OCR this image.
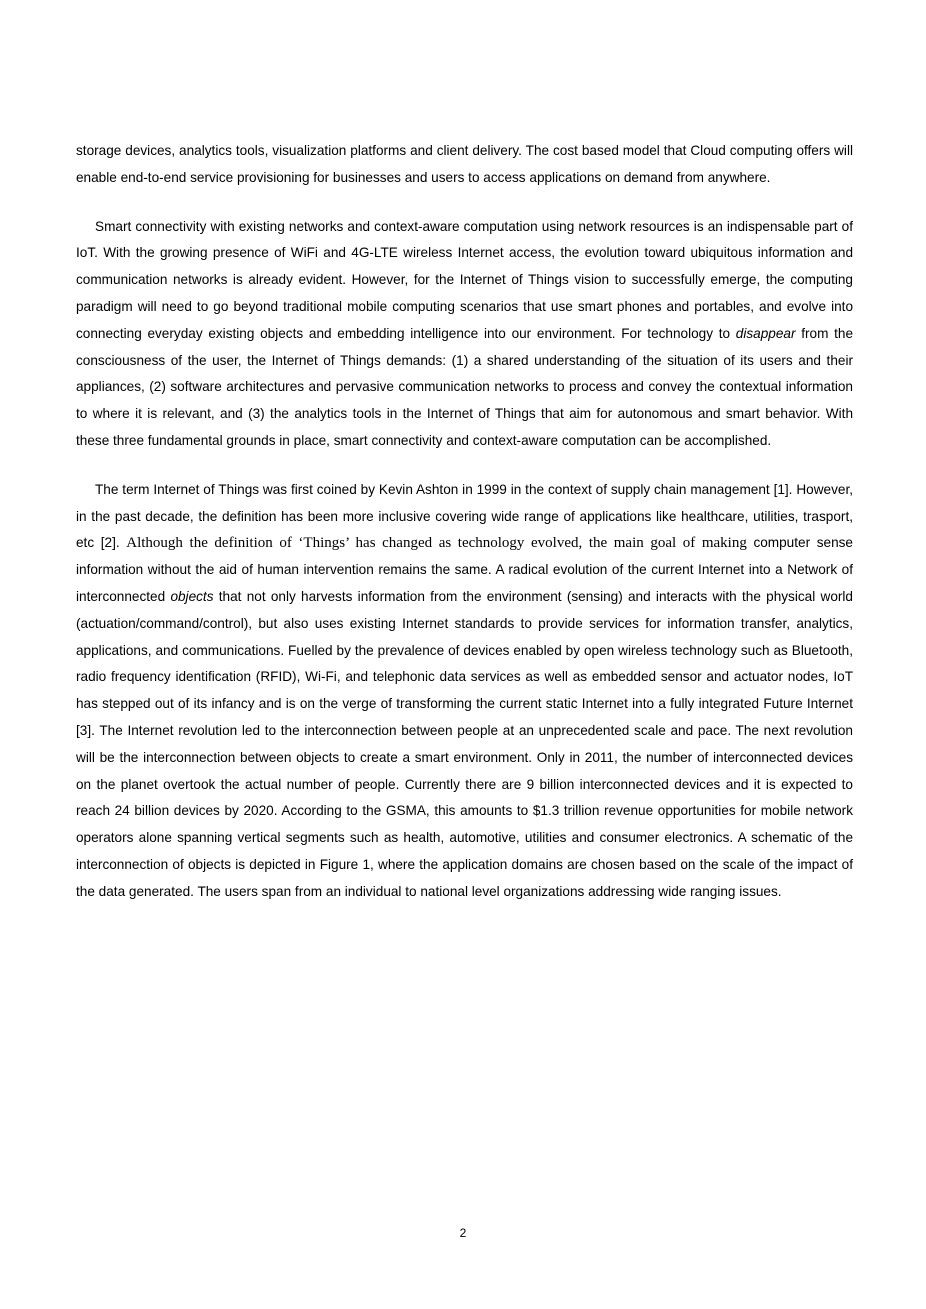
storage devices, analytics tools, visualization platforms and client delivery. The cost based model that Cloud computing offers will enable end-to-end service provisioning for businesses and users to access applications on demand from anywhere.

Smart connectivity with existing networks and context-aware computation using network resources is an indispensable part of IoT. With the growing presence of WiFi and 4G-LTE wireless Internet access, the evolution toward ubiquitous information and communication networks is already evident. However, for the Internet of Things vision to successfully emerge, the computing paradigm will need to go beyond traditional mobile computing scenarios that use smart phones and portables, and evolve into connecting everyday existing objects and embedding intelligence into our environment. For technology to disappear from the consciousness of the user, the Internet of Things demands: (1) a shared understanding of the situation of its users and their appliances, (2) software architectures and pervasive communication networks to process and convey the contextual information to where it is relevant, and (3) the analytics tools in the Internet of Things that aim for autonomous and smart behavior. With these three fundamental grounds in place, smart connectivity and context-aware computation can be accomplished.

The term Internet of Things was first coined by Kevin Ashton in 1999 in the context of supply chain management [1]. However, in the past decade, the definition has been more inclusive covering wide range of applications like healthcare, utilities, trasport, etc [2]. Although the definition of ‘Things’ has changed as technology evolved, the main goal of making computer sense information without the aid of human intervention remains the same. A radical evolution of the current Internet into a Network of interconnected objects that not only harvests information from the environment (sensing) and interacts with the physical world (actuation/command/control), but also uses existing Internet standards to provide services for information transfer, analytics, applications, and communications. Fuelled by the prevalence of devices enabled by open wireless technology such as Bluetooth, radio frequency identification (RFID), Wi-Fi, and telephonic data services as well as embedded sensor and actuator nodes, IoT has stepped out of its infancy and is on the verge of transforming the current static Internet into a fully integrated Future Internet [3]. The Internet revolution led to the interconnection between people at an unprecedented scale and pace. The next revolution will be the interconnection between objects to create a smart environment. Only in 2011, the number of interconnected devices on the planet overtook the actual number of people. Currently there are 9 billion interconnected devices and it is expected to reach 24 billion devices by 2020. According to the GSMA, this amounts to $1.3 trillion revenue opportunities for mobile network operators alone spanning vertical segments such as health, automotive, utilities and consumer electronics. A schematic of the interconnection of objects is depicted in Figure 1, where the application domains are chosen based on the scale of the impact of the data generated. The users span from an individual to national level organizations addressing wide ranging issues.

2
